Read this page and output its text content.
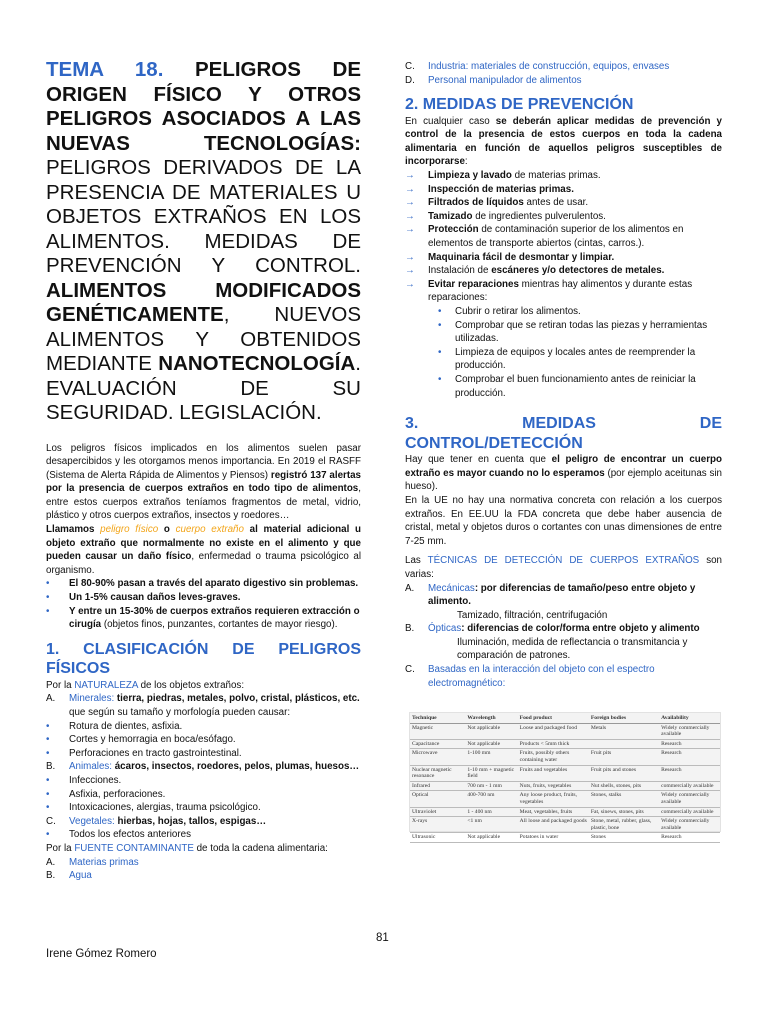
TEMA 18. PELIGROS DE ORIGEN FÍSICO Y OTROS PELIGROS ASOCIADOS A LAS NUEVAS TECNOLOGÍAS: PELIGROS DERIVADOS DE LA PRESENCIA DE MATERIALES U OBJETOS EXTRAÑOS EN LOS ALIMENTOS. MEDIDAS DE PREVENCIÓN Y CONTROL. ALIMENTOS MODIFICADOS GENÉTICAMENTE, NUEVOS ALIMENTOS Y OBTENIDOS MEDIANTE NANOTECNOLOGÍA. EVALUACIÓN DE SU SEGURIDAD. LEGISLACIÓN.

Los peligros físicos implicados en los alimentos suelen pasar desapercibidos y les otorgamos menos importancia. En 2019 el RASFF (Sistema de Alerta Rápida de Alimentos y Piensos) registró 137 alertas por la presencia de cuerpos extraños en todo tipo de alimentos, entre estos cuerpos extraños teníamos fragmentos de metal, vidrio, plástico y otros cuerpos extraños, insectos y roedores…

Llamamos peligro físico o cuerpo extraño al material adicional u objeto extraño que normalmente no existe en el alimento y que pueden causar un daño físico, enfermedad o trauma psicológico al organismo.

• El 80-90% pasan a través del aparato digestivo sin problemas.

• Un 1-5% causan daños leves-graves.

• Y entre un 15-30% de cuerpos extraños requieren extracción o cirugía (objetos finos, punzantes, cortantes de mayor riesgo).

1. CLASIFICACIÓN DE PELIGROS FÍSICOS

Por la NATURALEZA de los objetos extraños:

A. Minerales: tierra, piedras, metales, polvo, cristal, plásticos, etc. que según su tamaño y morfología pueden causar:

• Rotura de dientes, asfixia.

• Cortes y hemorragia en boca/esófago.

• Perforaciones en tracto gastrointestinal.

B. Animales: ácaros, insectos, roedores, pelos, plumas, huesos…

• Infecciones.

• Asfixia, perforaciones.

• Intoxicaciones, alergias, trauma psicológico.

C. Vegetales: hierbas, hojas, tallos, espigas…

• Todos los efectos anteriores

Por la FUENTE CONTAMINANTE de toda la cadena alimentaria:

A. Materias primas

B. Agua

C. Industria: materiales de construcción, equipos, envases

D. Personal manipulador de alimentos

2. MEDIDAS DE PREVENCIÓN

En cualquier caso se deberán aplicar medidas de prevención y control de la presencia de estos cuerpos en toda la cadena alimentaria en función de aquellos peligros susceptibles de incorporarse:

→ Limpieza y lavado de materias primas.

→ Inspección de materias primas.

→ Filtrados de líquidos antes de usar.

→ Tamizado de ingredientes pulverulentos.

→ Protección de contaminación superior de los alimentos en elementos de transporte abiertos (cintas, carros.).

→ Maquinaria fácil de desmontar y limpiar.

→ Instalación de escáneres y/o detectores de metales.

→ Evitar reparaciones mientras hay alimentos y durante estas reparaciones:

• Cubrir o retirar los alimentos.

• Comprobar que se retiran todas las piezas y herramientas utilizadas.

• Limpieza de equipos y locales antes de reemprender la producción.

• Comprobar el buen funcionamiento antes de reiniciar la producción.

3. MEDIDAS DE
CONTROL/DETECCIÓN

Hay que tener en cuenta que el peligro de encontrar un cuerpo extraño es mayor cuando no lo esperamos (por ejemplo aceitunas sin hueso).

En la UE no hay una normativa concreta con relación a los cuerpos extraños. En EE.UU la FDA concreta que debe haber ausencia de cristal, metal y objetos duros o cortantes con unas dimensiones de entre 7-25 mm.

Las TÉCNICAS DE DETECCIÓN DE CUERPOS EXTRAÑOS son varias:

A. Mecánicas: por diferencias de tamaño/peso entre objeto y alimento.

Tamizado, filtración, centrifugación

B. Ópticas: diferencias de color/forma entre objeto y alimento

Iluminación, medida de reflectancia o transmitancia y comparación de patrones.

C. Basadas en la interacción del objeto con el espectro electromagnético:

Technique	Wavelength	Food product	Foreign bodies	Availability
Magnetic	Not applicable	Loose and packaged food	Metals	Widely commercially available
Capacitance	Not applicable	Products < 5mm thick		Research
Microwave	1-100 mm	Fruits, possibly others containing water	Fruit pits	Research
Nuclear magnetic resonance	1-10 mm + magnetic field	Fruits and vegetables	Fruit pits and stones	Research
Infrared	700 nm - 1 mm	Nuts, fruits, vegetables	Nut shells, stones, pits	commercially available
Optical	400-700 nm	Any loose product, fruits, vegetables	Stones, stalks	Widely commercially available
Ultraviolet	1 - 400 nm	Meat, vegetables, fruits	Fat, sinews, stones, pits	commercially available
X-rays	<1 nm	All loose and packaged goods	Stone, metal, rubber, glass, plastic, bone	Widely commercially available
Ultrasonic	Not applicable	Potatoes in water	Stones	Research
81
Irene Gómez Romero
